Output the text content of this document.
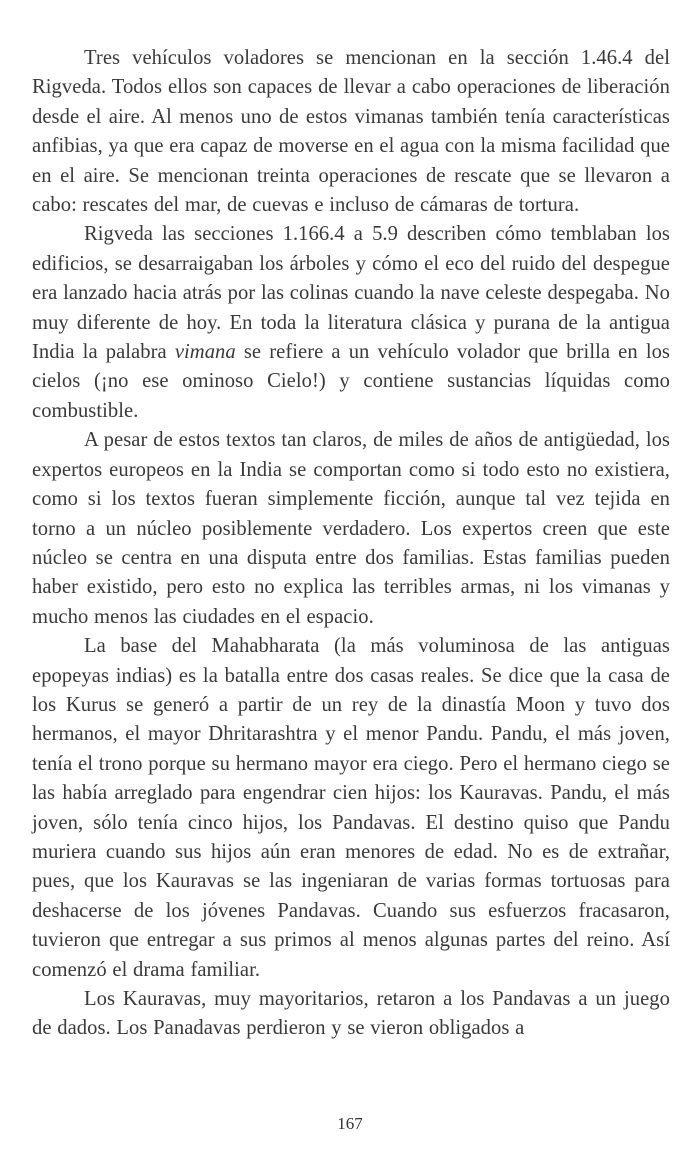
Tres vehículos voladores se mencionan en la sección 1.46.4 del Rigveda. Todos ellos son capaces de llevar a cabo operaciones de liberación desde el aire. Al menos uno de estos vimanas también tenía características anfibias, ya que era capaz de moverse en el agua con la misma facilidad que en el aire. Se mencionan treinta operaciones de rescate que se llevaron a cabo: rescates del mar, de cuevas e incluso de cámaras de tortura.

Rigveda las secciones 1.166.4 a 5.9 describen cómo temblaban los edificios, se desarraigaban los árboles y cómo el eco del ruido del despegue era lanzado hacia atrás por las colinas cuando la nave celeste despegaba. No muy diferente de hoy. En toda la literatura clásica y purana de la antigua India la palabra vimana se refiere a un vehículo volador que brilla en los cielos (¡no ese ominoso Cielo!) y contiene sustancias líquidas como combustible.

A pesar de estos textos tan claros, de miles de años de antigüedad, los expertos europeos en la India se comportan como si todo esto no existiera, como si los textos fueran simplemente ficción, aunque tal vez tejida en torno a un núcleo posiblemente verdadero. Los expertos creen que este núcleo se centra en una disputa entre dos familias. Estas familias pueden haber existido, pero esto no explica las terribles armas, ni los vimanas y mucho menos las ciudades en el espacio.

La base del Mahabharata (la más voluminosa de las antiguas epopeyas indias) es la batalla entre dos casas reales. Se dice que la casa de los Kurus se generó a partir de un rey de la dinastía Moon y tuvo dos hermanos, el mayor Dhritarashtra y el menor Pandu. Pandu, el más joven, tenía el trono porque su hermano mayor era ciego. Pero el hermano ciego se las había arreglado para engendrar cien hijos: los Kauravas. Pandu, el más joven, sólo tenía cinco hijos, los Pandavas. El destino quiso que Pandu muriera cuando sus hijos aún eran menores de edad. No es de extrañar, pues, que los Kauravas se las ingeniaran de varias formas tortuosas para deshacerse de los jóvenes Pandavas. Cuando sus esfuerzos fracasaron, tuvieron que entregar a sus primos al menos algunas partes del reino. Así comenzó el drama familiar.

Los Kauravas, muy mayoritarios, retaron a los Pandavas a un juego de dados. Los Panadavas perdieron y se vieron obligados a

167
